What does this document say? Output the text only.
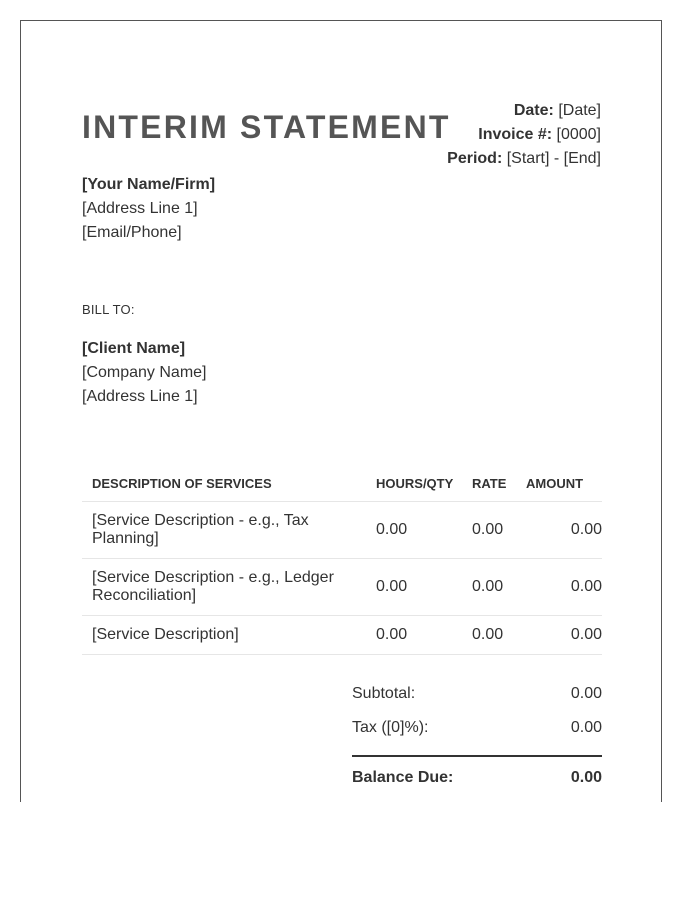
INTERIM STATEMENT	Date: [Date]
Invoice #: [0000]
Period: [Start] - [End]
[Your Name/Firm]
[Address Line 1]
[Email/Phone]
BILL TO:
[Client Name]
[Company Name]
[Address Line 1]
DESCRIPTION OF SERVICES	HOURS/QTY	RATE	AMOUNT

[Service Description - e.g., Tax Planning]	0.00	0.00	0.00

[Service Description - e.g., Ledger Reconciliation]	0.00	0.00	0.00

[Service Description]	0.00	0.00	0.00
Subtotal:	0.00
Tax ([0]%):	0.00
Balance Due:	0.00
